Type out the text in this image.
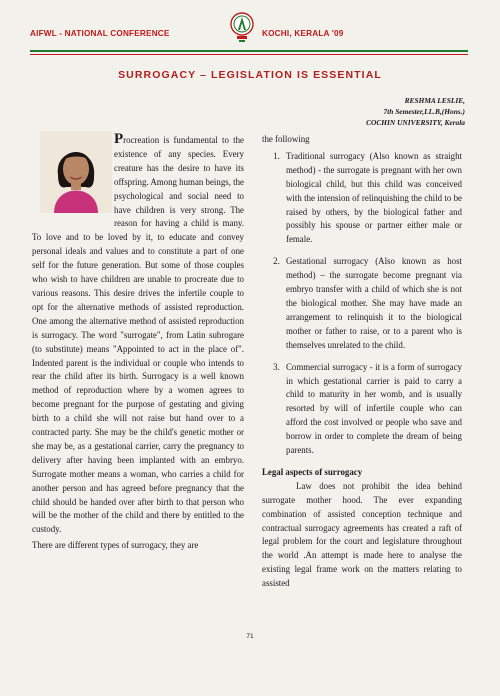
AIFWL - NATIONAL CONFERENCE	KOCHI, KERALA '09
SURROGACY – LEGISLATION IS ESSENTIAL
RESHMA LESLIE,
7th Semester,LL.B,(Hons.)
COCHIN UNIVERSITY, Kerala

Procreation is fundamental to the existence of any species. Every creature has the desire to have its offspring. Among human beings, the psychological and social need to have children is very strong. The reason for having a child is many. To love and to be loved by it, to educate and convey personal ideals and values and to constitute a part of one self for the future generation. But some of those couples who wish to have children are unable to procreate due to various reasons. This desire drives the infertile couple to opt for the alternative methods of assisted reproduction. One among the alternative method of assisted reproduction is surrogacy. The word "surrogate", from Latin subrogare (to substitute) means "Appointed to act in the place of". Indented parent is the individual or couple who intends to rear the child after its birth. Surrogacy is a well known method of reproduction where by a women agrees to become pregnant for the purpose of gestating and giving birth to a child she will not raise but hand over to a contracted party. She may be the child's genetic mother or she may be, as a gestational carrier, carry the pregnancy to delivery after having been implanted with an embryo. Surrogate mother means a woman, who carries a child for another person and has agreed before pregnancy that the child should be handed over after birth to that person who will be the mother of the child and there by entitled to the custody.

There are different types of surrogacy, they are

the following

1. Traditional surrogacy (Also known as straight method) - the surrogate is pregnant with her own biological child, but this child was conceived with the intension of relinquishing the child to be raised by others, by the biological father and possibly his spouse or partner either male or female.
2. Gestational surrogacy (Also known as host method) – the surrogate become pregnant via embryo transfer with a child of which she is not the biological mother. She may have made an arrangement to relinquish it to the biological mother or father to raise, or to a parent who is themselves unrelated to the child.
3. Commercial surrogacy - it is a form of surrogacy in which gestational carrier is paid to carry a child to maturity in her womb, and is usually resorted by will of infertile couple who can afford the cost involved or people who save and borrow in order to complete the dream of being parents.

Legal aspects of surrogacy

Law does not prohibit the idea behind surrogate mother hood. The ever expanding combination of assisted conception technique and contractual surrogacy agreements has created a raft of legal problem for the court and legislature throughout the world .An attempt is made here to analyse the existing legal frame work on the matters relating to assisted

71
